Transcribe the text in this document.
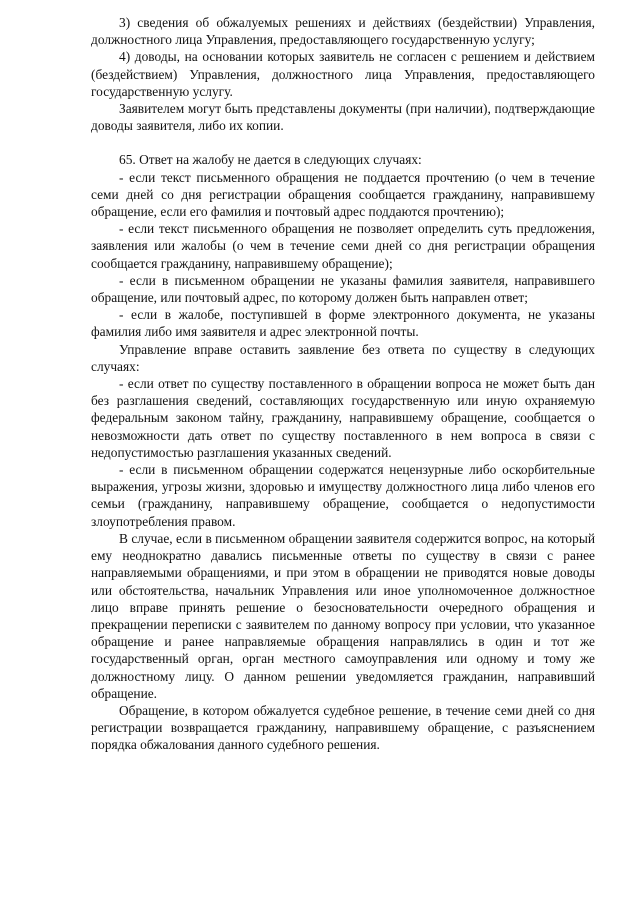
3) сведения об обжалуемых решениях и действиях (бездействии) Управления, должностного лица Управления, предоставляющего государственную услугу;

4) доводы, на основании которых заявитель не согласен с решением и действием (бездействием) Управления, должностного лица Управления, предоставляющего государственную услугу.

Заявителем могут быть представлены документы (при наличии), подтверждающие доводы заявителя, либо их копии.

65. Ответ на жалобу не дается в следующих случаях:

- если текст письменного обращения не поддается прочтению (о чем в течение семи дней со дня регистрации обращения сообщается гражданину, направившему обращение, если его фамилия и почтовый адрес поддаются прочтению);

- если текст письменного обращения не позволяет определить суть предложения, заявления или жалобы (о чем в течение семи дней со дня регистрации обращения сообщается гражданину, направившему обращение);

- если в письменном обращении не указаны фамилия заявителя, направившего обращение, или почтовый адрес, по которому должен быть направлен ответ;

- если в жалобе, поступившей в форме электронного документа, не указаны фамилия либо имя заявителя и адрес электронной почты.

Управление вправе оставить заявление без ответа по существу в следующих случаях:

- если ответ по существу поставленного в обращении вопроса не может быть дан без разглашения сведений, составляющих государственную или иную охраняемую федеральным законом тайну, гражданину, направившему обращение, сообщается о невозможности дать ответ по существу поставленного в нем вопроса в связи с недопустимостью разглашения указанных сведений.

- если в письменном обращении содержатся нецензурные либо оскорбительные выражения, угрозы жизни, здоровью и имуществу должностного лица либо членов его семьи (гражданину, направившему обращение, сообщается о недопустимости злоупотребления правом.

В случае, если в письменном обращении заявителя содержится вопрос, на который ему неоднократно давались письменные ответы по существу в связи с ранее направляемыми обращениями, и при этом в обращении не приводятся новые доводы или обстоятельства, начальник Управления или иное уполномоченное должностное лицо вправе принять решение о безосновательности очередного обращения и прекращении переписки с заявителем по данному вопросу при условии, что указанное обращение и ранее направляемые обращения направлялись в один и тот же государственный орган, орган местного самоуправления или одному и тому же должностному лицу. О данном решении уведомляется гражданин, направивший обращение.

Обращение, в котором обжалуется судебное решение, в течение семи дней со дня регистрации возвращается гражданину, направившему обращение, с разъяснением порядка обжалования данного судебного решения.
